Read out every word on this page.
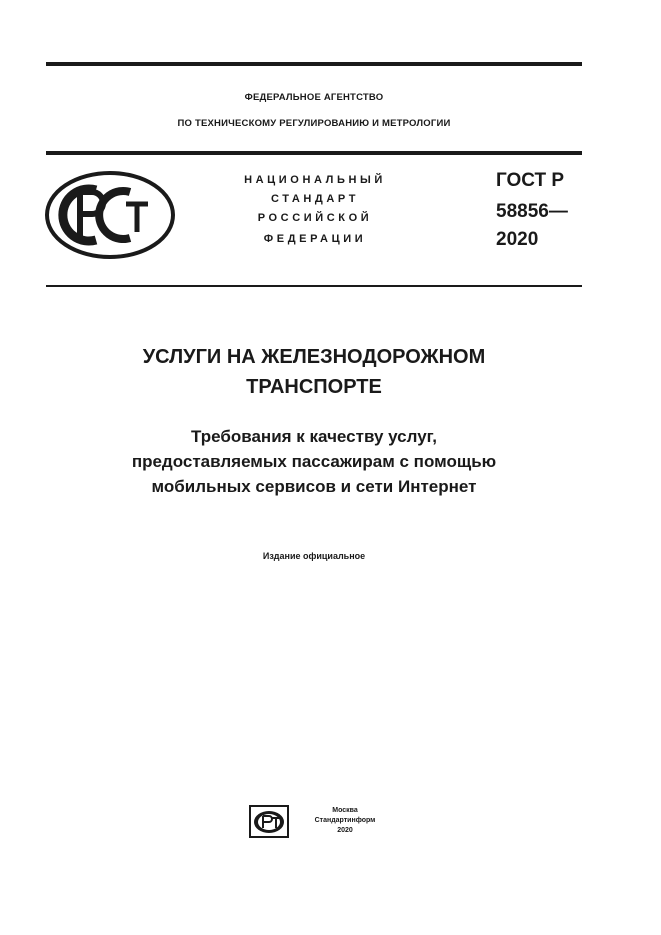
ФЕДЕРАЛЬНОЕ АГЕНТСТВО
ПО ТЕХНИЧЕСКОМУ РЕГУЛИРОВАНИЮ И МЕТРОЛОГИИ
НАЦИОНАЛЬНЫЙ
СТАНДАРТ
РОССИЙСКОЙ
ФЕДЕРАЦИИ
ГОСТ Р
58856—
2020
УСЛУГИ НА ЖЕЛЕЗНОДОРОЖНОМ
ТРАНСПОРТЕ
Требования к качеству услуг,
предоставляемых пассажирам с помощью
мобильных сервисов и сети Интернет
Издание официальное
Москва
Стандартинформ
2020
